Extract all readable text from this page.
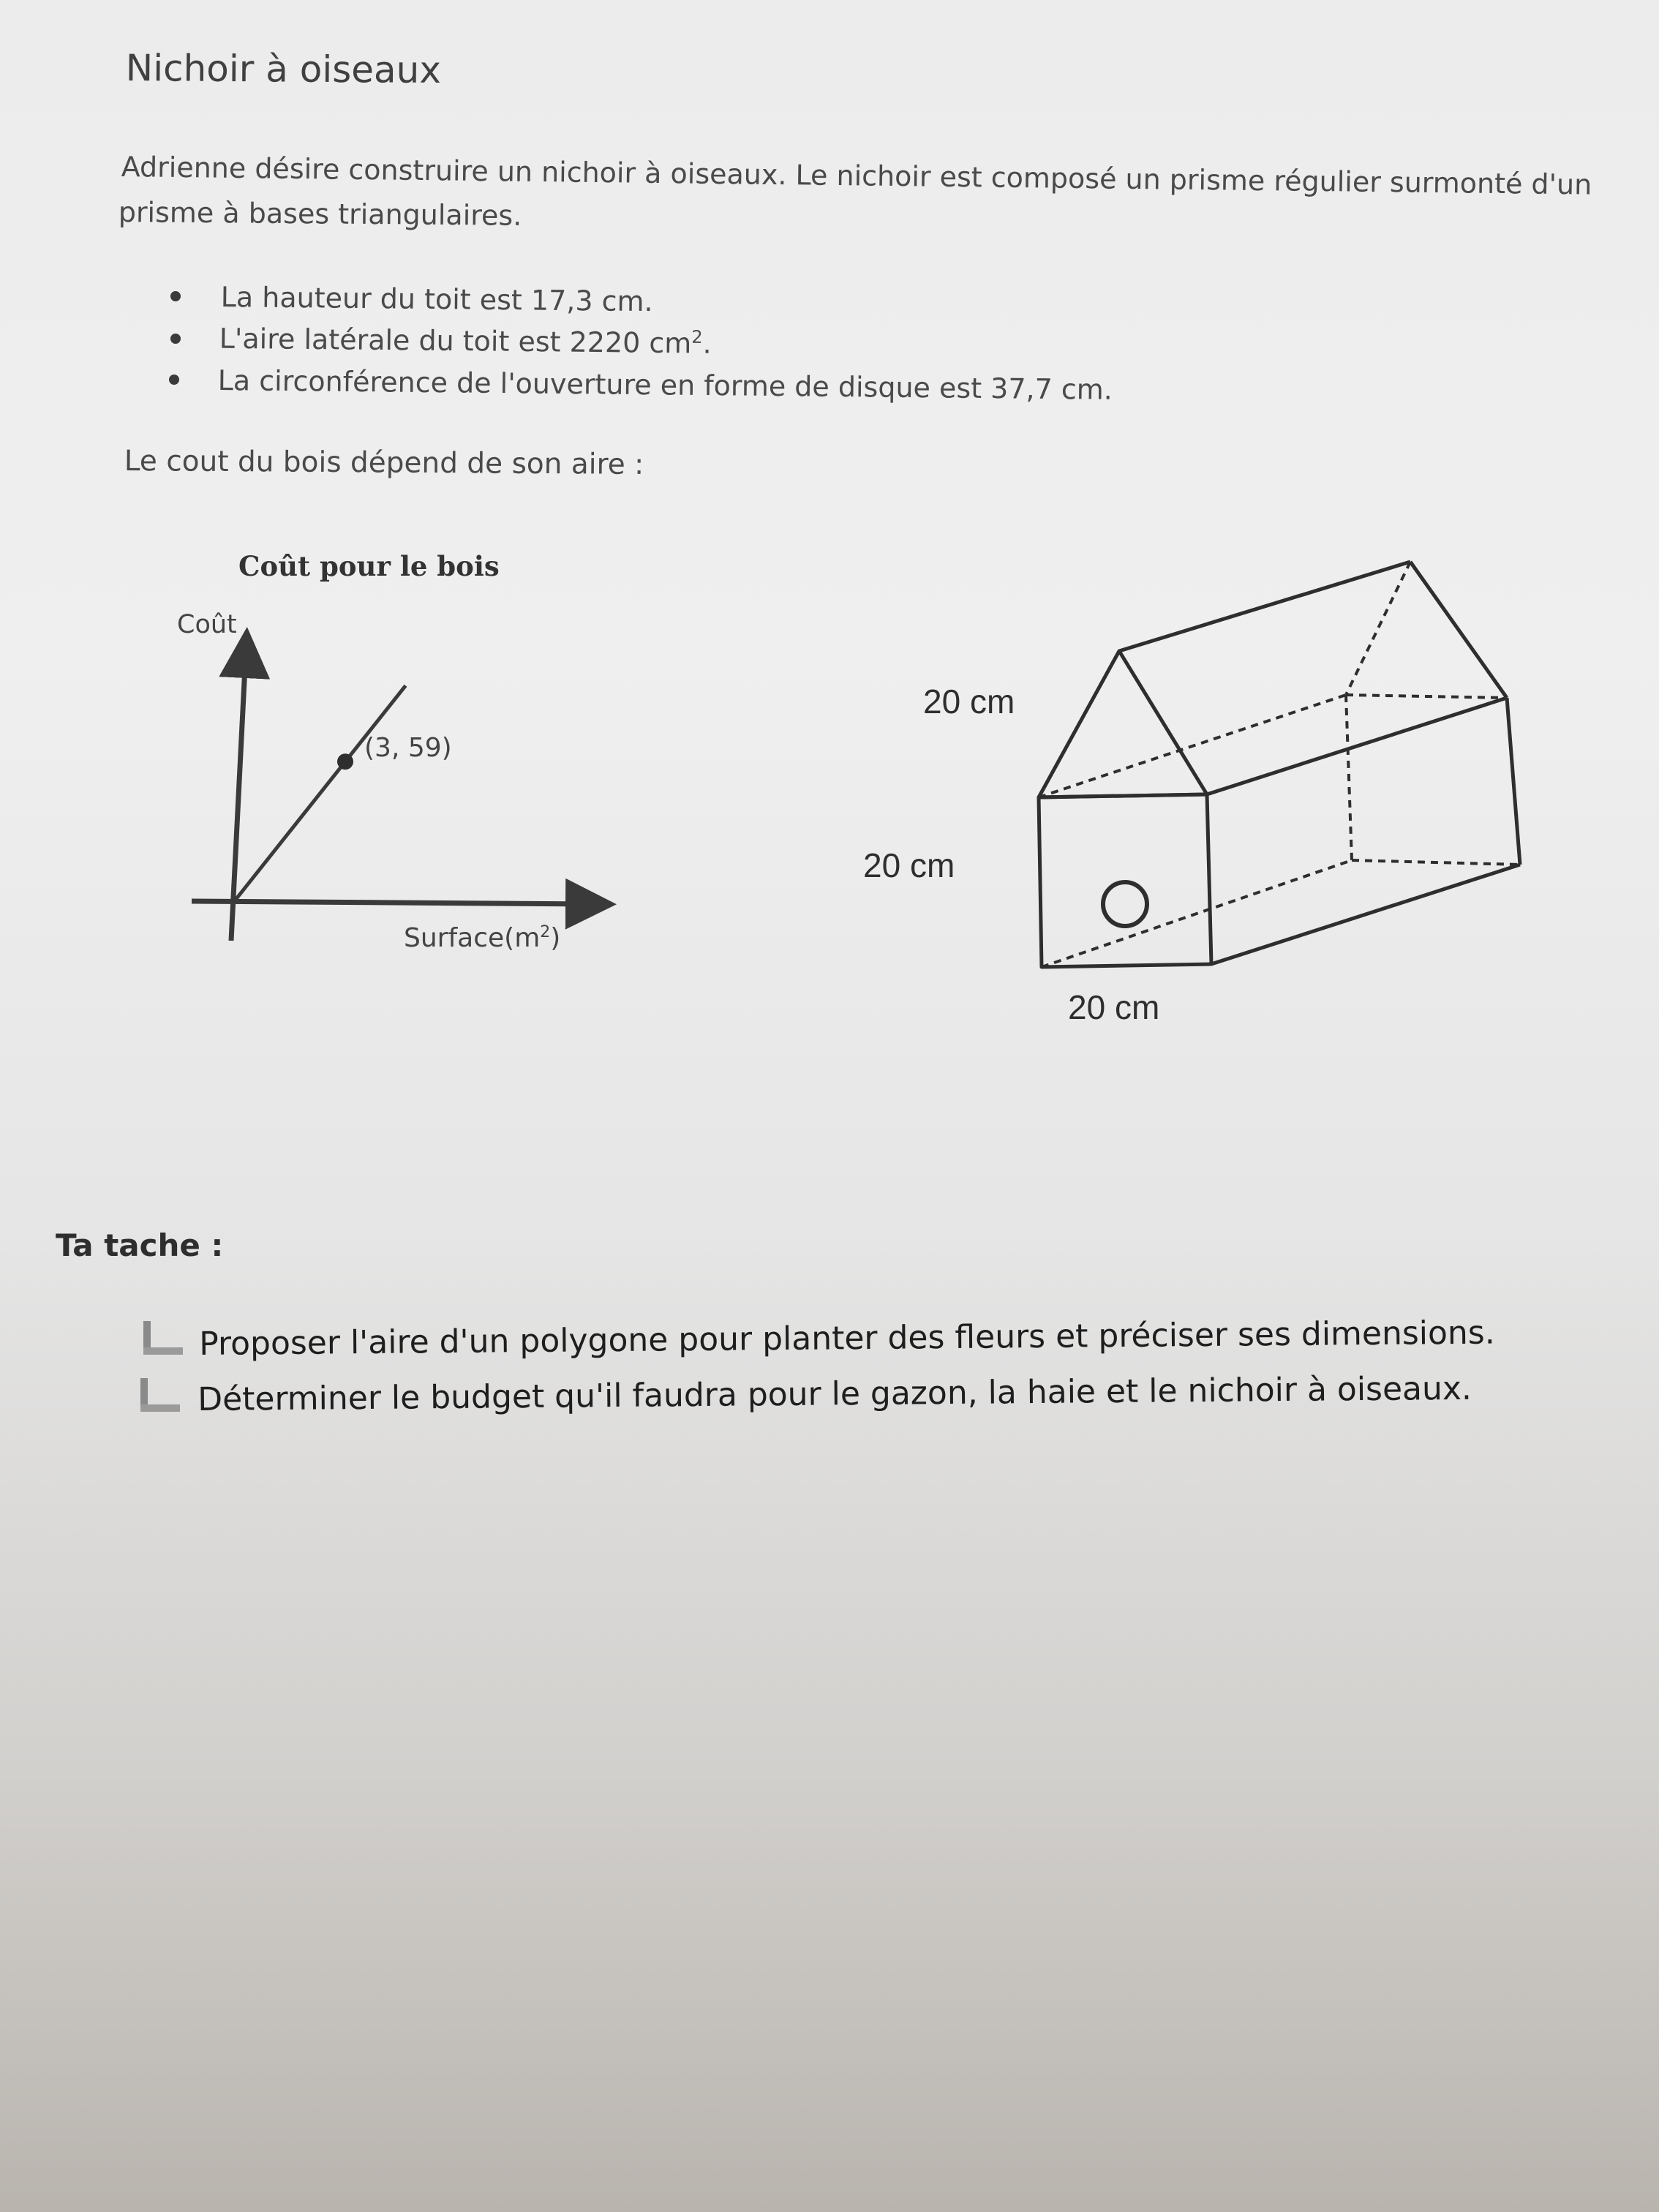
Nichoir à oiseaux
Adrienne désire construire un nichoir à oiseaux. Le nichoir est composé un prisme régulier surmonté d'un
prisme à bases triangulaires.
La hauteur du toit est 17,3 cm.
L'aire latérale du toit est 2220 $cm^2$.
La circonférence de l'ouverture en forme de disque est 37,7 cm.
Le cout du bois dépend de son aire :
Coût pour le bois
Coût
(3, 59)
$Surface(m^2)$
20 cm
20 cm
20 cm
Ta tache :
Proposer l'aire d'un polygone pour planter des fleurs et préciser ses dimensions.
Déterminer le budget qu'il faudra pour le gazon, la haie et le nichoir à oiseaux.
